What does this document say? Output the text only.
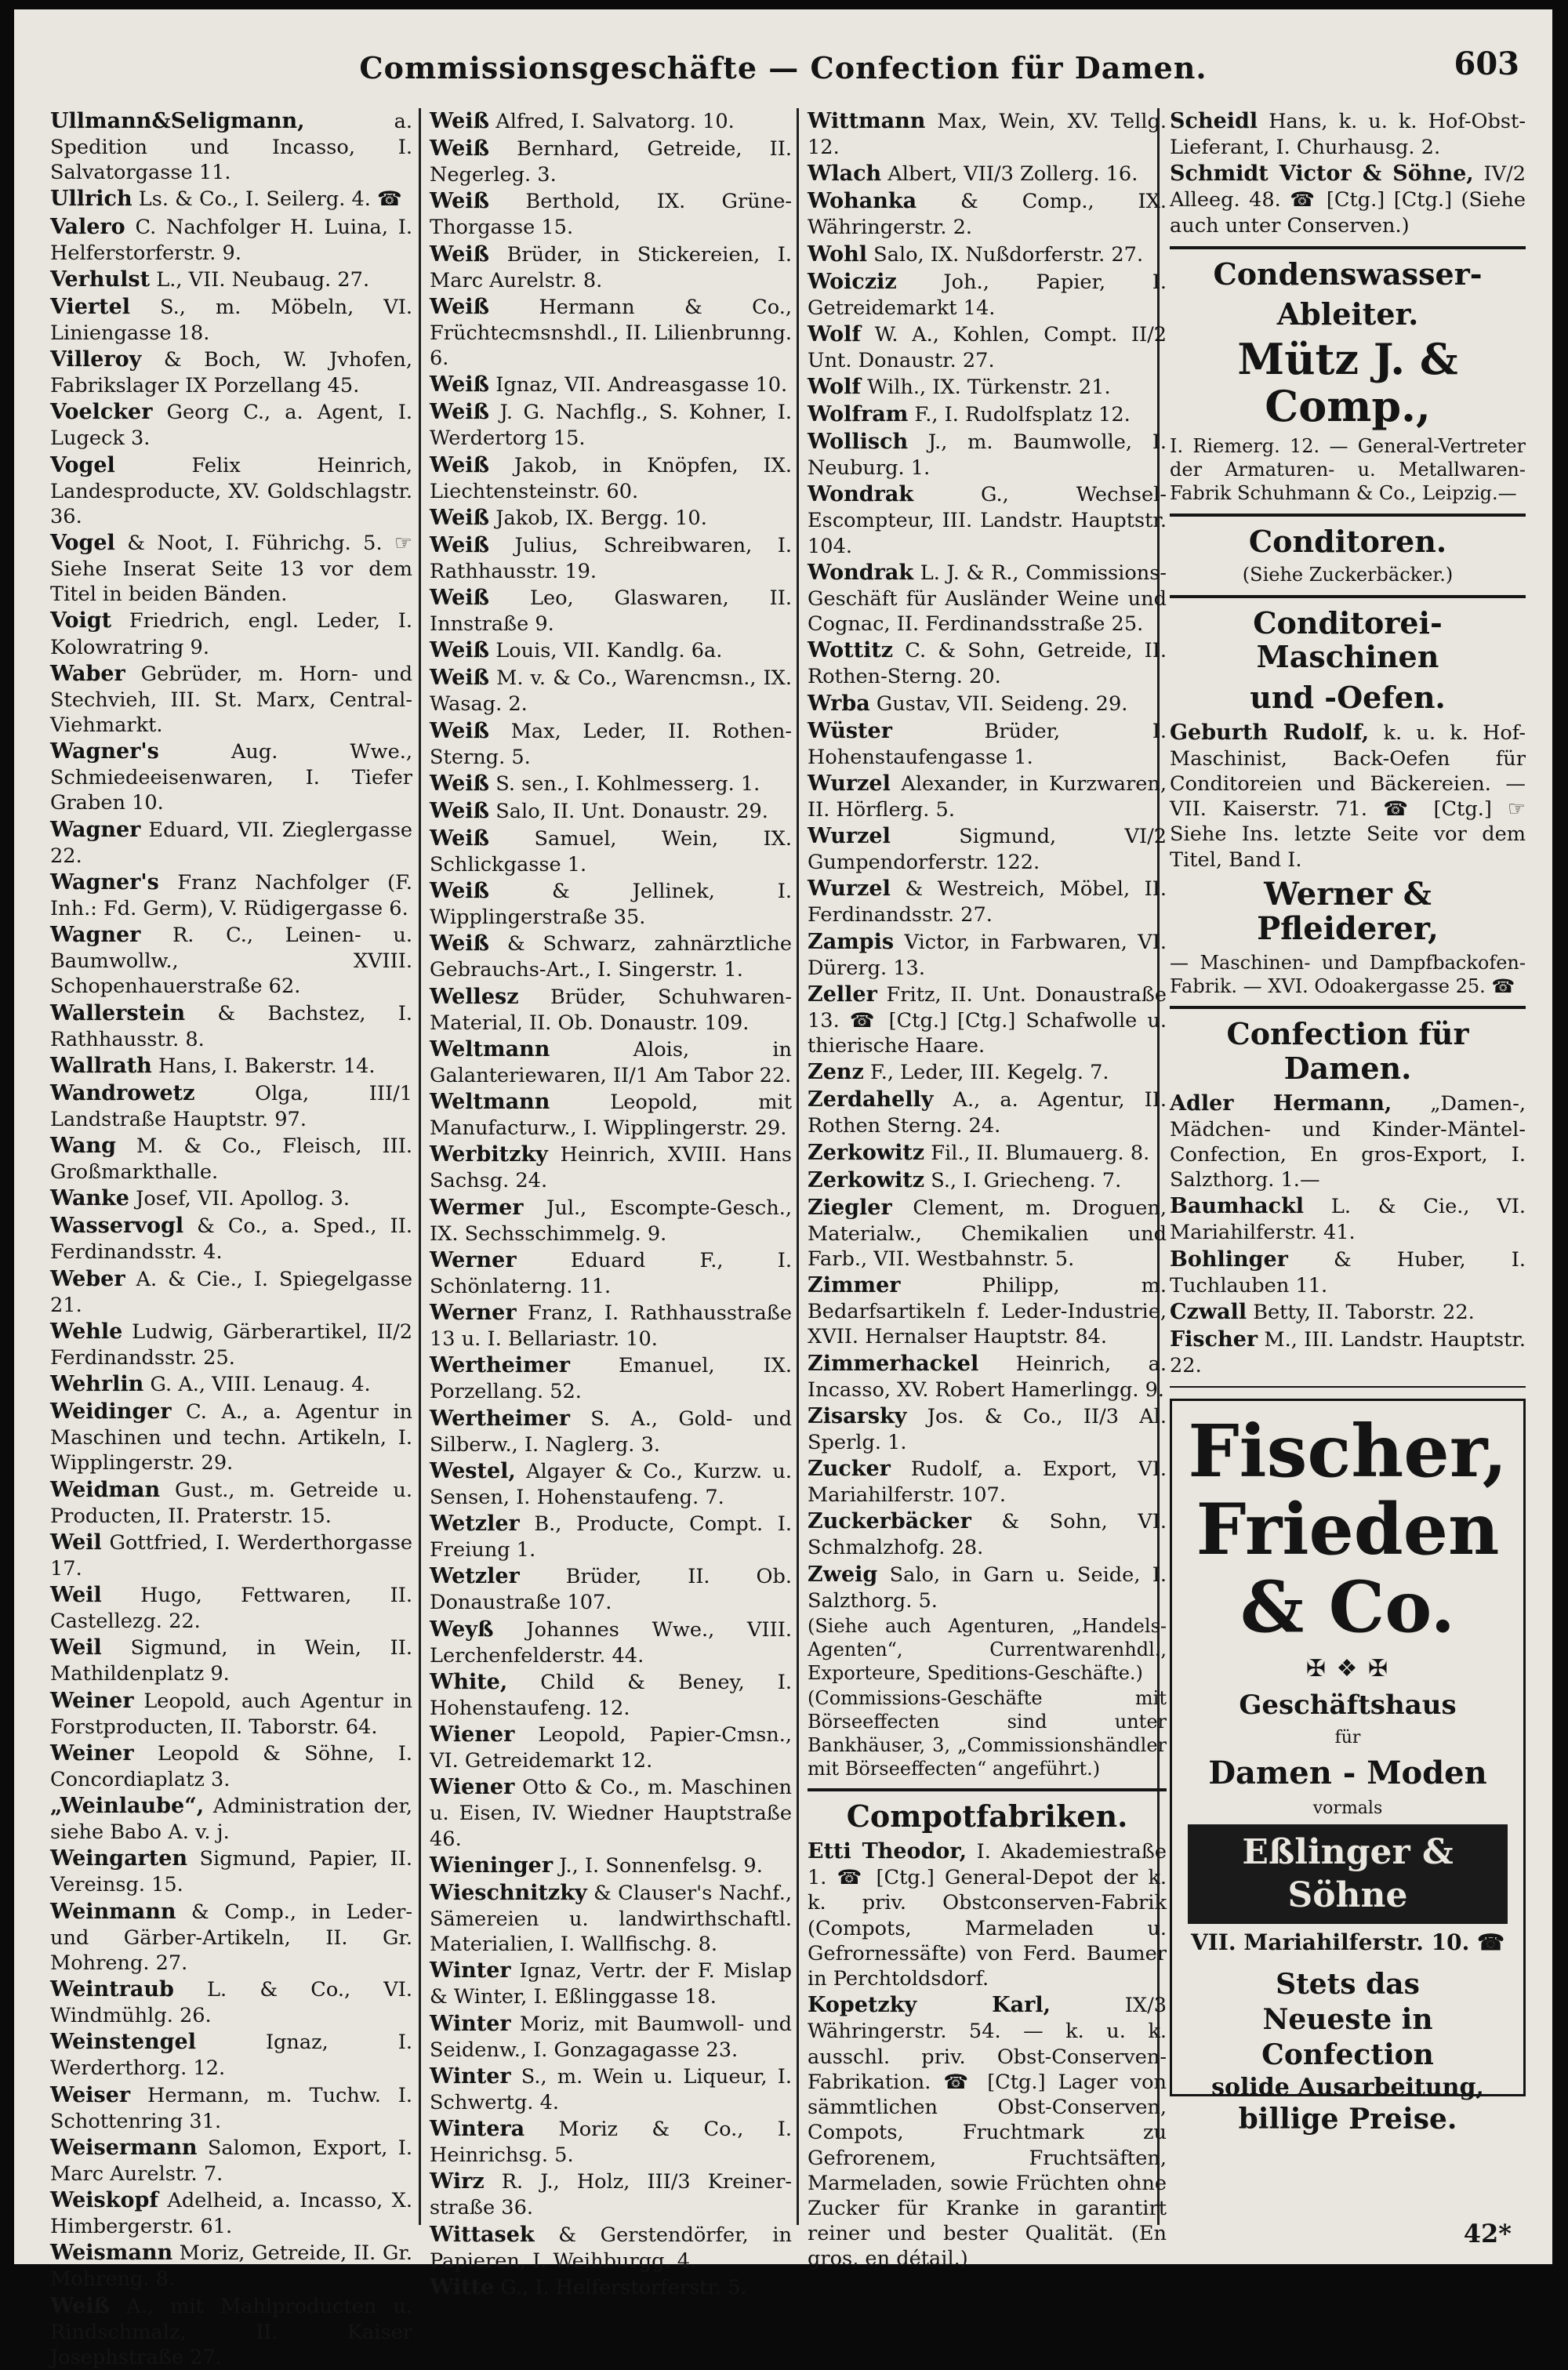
Commissionsgeschäfte — Confection für Damen.	603
Ullmann&Seligmann, a. Spedition und Incasso, I. Salvatorgasse 11.
Ullrich Ls. & Co., I. Seilerg. 4. ☎
Valero C. Nachfolger H. Luina, I. Helferstorferstr. 9.
Verhulst L., VII. Neubaug. 27.
Viertel S., m. Möbeln, VI. Liniengasse 18.
Villeroy & Boch, W. Jvhofen, Fabrikslager IX Porzellang 45.
Voelcker Georg C., a. Agent, I. Lugeck 3.
Vogel Felix Heinrich, Landesproducte, XV. Goldschlagstr. 36.
Vogel & Noot, I. Führichg. 5. ☞ Siehe Inserat Seite 13 vor dem Titel in beiden Bänden.
Voigt Friedrich, engl. Leder, I. Kolowratring 9.
Waber Gebrüder, m. Horn- und Stechvieh, III. St. Marx, Central-Viehmarkt.
Wagner's Aug. Wwe., Schmiedeeisenwaren, I. Tiefer Graben 10.
Wagner Eduard, VII. Zieglergasse 22.
Wagner's Franz Nachfolger (F. Inh.: Fd. Germ), V. Rüdigergasse 6.
Wagner R. C., Leinen- u. Baumwollw., XVIII. Schopenhauerstraße 62.
Wallerstein & Bachstez, I. Rathhausstr. 8.
Wallrath Hans, I. Bakerstr. 14.
Wandrowetz Olga, III/1 Landstraße Hauptstr. 97.
Wang M. & Co., Fleisch, III. Großmarkthalle.
Wanke Josef, VII. Apollog. 3.
Wasservogl & Co., a. Sped., II. Ferdinandsstr. 4.
Weber A. & Cie., I. Spiegelgasse 21.
Wehle Ludwig, Gärberartikel, II/2 Ferdinandsstr. 25.
Wehrlin G. A., VIII. Lenaug. 4.
Weidinger C. A., a. Agentur in Maschinen und techn. Artikeln, I. Wipplingerstr. 29.
Weidman Gust., m. Getreide u. Producten, II. Praterstr. 15.
Weil Gottfried, I. Werderthorgasse 17.
Weil Hugo, Fettwaren, II. Castellezg. 22.
Weil Sigmund, in Wein, II. Mathildenplatz 9.
Weiner Leopold, auch Agentur in Forstproducten, II. Taborstr. 64.
Weiner Leopold & Söhne, I. Concordiaplatz 3.
„Weinlaube“, Administration der, siehe Babo A. v. j.
Weingarten Sigmund, Papier, II. Vereinsg. 15.
Weinmann & Comp., in Leder- und Gärber-Artikeln, II. Gr. Mohreng. 27.
Weintraub L. & Co., VI. Windmühlg. 26.
Weinstengel Ignaz, I. Werderthorg. 12.
Weiser Hermann, m. Tuchw. I. Schottenring 31.
Weisermann Salomon, Export, I. Marc Aurelstr. 7.
Weiskopf Adelheid, a. Incasso, X. Himbergerstr. 61.
Weismann Moriz, Getreide, II. Gr. Mohreng. 8.
Weiß A., mit Mahlproducten u. Rindschmalz, II. Kaiser Josephstraße 27.
Weiß Alfred, I. Salvatorg. 10.
Weiß Bernhard, Getreide, II. Negerleg. 3.
Weiß Berthold, IX. Grüne-Thorgasse 15.
Weiß Brüder, in Stickereien, I. Marc Aurelstr. 8.
Weiß Hermann & Co., Früchtecmsnshdl., II. Lilienbrunng. 6.
Weiß Ignaz, VII. Andreasgasse 10.
Weiß J. G. Nachflg., S. Kohner, I. Werdertorg 15.
Weiß Jakob, in Knöpfen, IX. Liechtensteinstr. 60.
Weiß Jakob, IX. Bergg. 10.
Weiß Julius, Schreibwaren, I. Rathhausstr. 19.
Weiß Leo, Glaswaren, II. Innstraße 9.
Weiß Louis, VII. Kandlg. 6a.
Weiß M. v. & Co., Warencmsn., IX. Wasag. 2.
Weiß Max, Leder, II. Rothen-Sterng. 5.
Weiß S. sen., I. Kohlmesserg. 1.
Weiß Salo, II. Unt. Donaustr. 29.
Weiß Samuel, Wein, IX. Schlickgasse 1.
Weiß & Jellinek, I. Wipplingerstraße 35.
Weiß & Schwarz, zahnärztliche Gebrauchs-Art., I. Singerstr. 1.
Wellesz Brüder, Schuhwaren-Material, II. Ob. Donaustr. 109.
Weltmann Alois, in Galanteriewaren, II/1 Am Tabor 22.
Weltmann Leopold, mit Manufacturw., I. Wipplingerstr. 29.
Werbitzky Heinrich, XVIII. Hans Sachsg. 24.
Wermer Jul., Escompte-Gesch., IX. Sechsschimmelg. 9.
Werner Eduard F., I. Schönlaterng. 11.
Werner Franz, I. Rathhausstraße 13 u. I. Bellariastr. 10.
Wertheimer Emanuel, IX. Porzellang. 52.
Wertheimer S. A., Gold- und Silberw., I. Naglerg. 3.
Westel, Algayer & Co., Kurzw. u. Sensen, I. Hohenstaufeng. 7.
Wetzler B., Producte, Compt. I. Freiung 1.
Wetzler Brüder, II. Ob. Donaustraße 107.
Weyß Johannes Wwe., VIII. Lerchenfelderstr. 44.
White, Child & Beney, I. Hohenstaufeng. 12.
Wiener Leopold, Papier-Cmsn., VI. Getreidemarkt 12.
Wiener Otto & Co., m. Maschinen u. Eisen, IV. Wiedner Hauptstraße 46.
Wieninger J., I. Sonnenfelsg. 9.
Wieschnitzky & Clauser's Nachf., Sämereien u. landwirthschaftl. Materialien, I. Wallfischg. 8.
Winter Ignaz, Vertr. der F. Mislap & Winter, I. Eßlinggasse 18.
Winter Moriz, mit Baumwoll- und Seidenw., I. Gonzagagasse 23.
Winter S., m. Wein u. Liqueur, I. Schwertg. 4.
Wintera Moriz & Co., I. Heinrichsg. 5.
Wirz R. J., Holz, III/3 Kreiner-straße 36.
Wittasek & Gerstendörfer, in Papieren, I. Weihburgg. 4.
Witte G., I. Helferstorferstr. 5.
Wittmann Max, Wein, XV. Tellg. 12.
Wlach Albert, VII/3 Zollerg. 16.
Wohanka & Comp., IX. Währingerstr. 2.
Wohl Salo, IX. Nußdorferstr. 27.
Woicziz Joh., Papier, I. Getreidemarkt 14.
Wolf W. A., Kohlen, Compt. II/2 Unt. Donaustr. 27.
Wolf Wilh., IX. Türkenstr. 21.
Wolfram F., I. Rudolfsplatz 12.
Wollisch J., m. Baumwolle, I. Neuburg. 1.
Wondrak G., Wechsel-Escompteur, III. Landstr. Hauptstr. 104.
Wondrak L. J. & R., Commissions-Geschäft für Ausländer Weine und Cognac, II. Ferdinandsstraße 25.
Wottitz C. & Sohn, Getreide, II. Rothen-Sterng. 20.
Wrba Gustav, VII. Seideng. 29.
Wüster Brüder, I. Hohenstaufengasse 1.
Wurzel Alexander, in Kurzwaren, II. Hörflerg. 5.
Wurzel Sigmund, VI/2 Gumpendorferstr. 122.
Wurzel & Westreich, Möbel, II. Ferdinandsstr. 27.
Zampis Victor, in Farbwaren, VI. Dürerg. 13.
Zeller Fritz, II. Unt. Donaustraße 13. ☎ [Ctg.] [Ctg.] Schafwolle u. thierische Haare.
Zenz F., Leder, III. Kegelg. 7.
Zerdahelly A., a. Agentur, II. Rothen Sterng. 24.
Zerkowitz Fil., II. Blumauerg. 8.
Zerkowitz S., I. Griecheng. 7.
Ziegler Clement, m. Droguen, Materialw., Chemikalien und Farb., VII. Westbahnstr. 5.
Zimmer Philipp, m. Bedarfsartikeln f. Leder-Industrie, XVII. Hernalser Hauptstr. 84.
Zimmerhackel Heinrich, a. Incasso, XV. Robert Hamerlingg. 9.
Zisarsky Jos. & Co., II/3 Al. Sperlg. 1.
Zucker Rudolf, a. Export, VI. Mariahilferstr. 107.
Zuckerbäcker & Sohn, VI. Schmalzhofg. 28.
Zweig Salo, in Garn u. Seide, I. Salzthorg. 5.
(Siehe auch Agenturen, „Handels-Agenten“, Currentwarenhdl., Exporteure, Speditions-Geschäfte.)
(Commissions-Geschäfte mit Börseeffecten sind unter Bankhäuser, 3, „Commissionshändler mit Börseeffecten“ angeführt.)
Compotfabriken.
Etti Theodor, I. Akademiestraße 1. ☎ [Ctg.] General-Depot der k. k. priv. Obstconserven-Fabrik (Compots, Marmeladen u. Gefrornessäfte) von Ferd. Baumer in Perchtoldsdorf.
Kopetzky Karl, IX/3 Währingerstr. 54. — k. u. k. ausschl. priv. Obst-Conserven-Fabrikation. ☎ [Ctg.] Lager von sämmtlichen Obst-Conserven, Compots, Fruchtmark zu Gefrorenem, Fruchtsäften, Marmeladen, sowie Früchten ohne Zucker für Kranke in garantirt reiner und bester Qualität. (En gros, en détail.)
Scheidl Hans, k. u. k. Hof-Obst-Lieferant, I. Churhausg. 2.
Schmidt Victor & Söhne, IV/2 Alleeg. 48. ☎ [Ctg.] [Ctg.] (Siehe auch unter Conserven.)
Condenswasser-
Ableiter.
Mütz J. & Comp.,
I. Riemerg. 12. — General-Vertreter der Armaturen- u. Metallwaren-Fabrik Schuhmann & Co., Leipzig.—
Conditoren.
(Siehe Zuckerbäcker.)
Conditorei-Maschinen
und -Oefen.
Geburth Rudolf, k. u. k. Hof-Maschinist, Back-Oefen für Conditoreien und Bäckereien. — VII. Kaiserstr. 71. ☎ [Ctg.] ☞ Siehe Ins. letzte Seite vor dem Titel, Band I.
Werner & Pfleiderer,
— Maschinen- und Dampfbackofen-Fabrik. — XVI. Odoakergasse 25. ☎
Confection für Damen.
Adler Hermann, „Damen-, Mädchen- und Kinder-Mäntel-Confection, En gros-Export, I. Salzthorg. 1.—
Baumhackl L. & Cie., VI. Mariahilferstr. 41.
Bohlinger & Huber, I. Tuchlauben 11.
Czwall Betty, II. Taborstr. 22.
Fischer M., III. Landstr. Hauptstr. 22.
Fischer,
Frieden & Co.
✠ ❖ ✠
Geschäftshaus
für
Damen - Moden
vormals
Eßlinger & Söhne
VII. Mariahilferstr. 10. ☎
Stets das
Neueste in Confection
solide Ausarbeitung,
billige Preise.
42*
